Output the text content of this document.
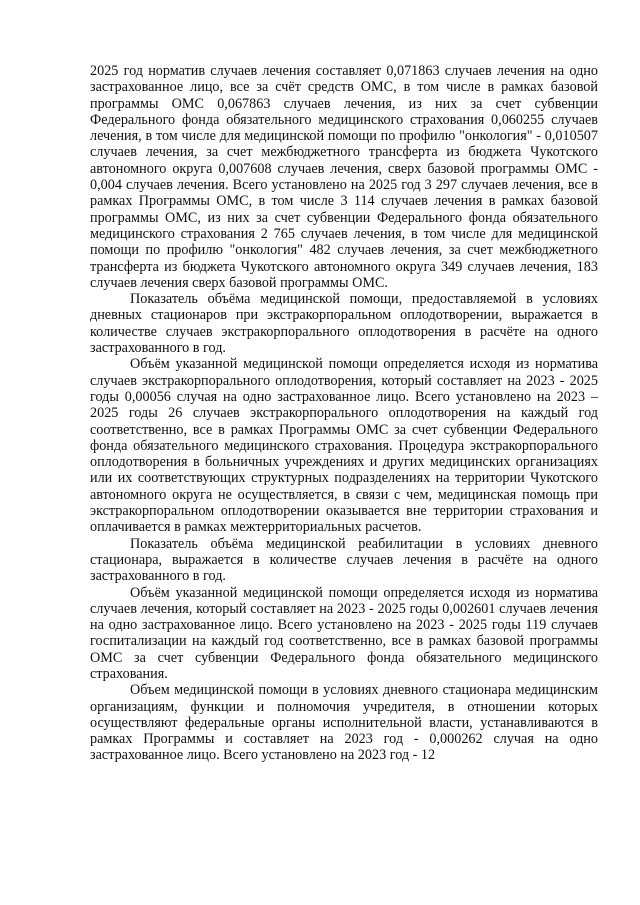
2025 год норматив случаев лечения составляет 0,071863 случаев лечения на одно застрахованное лицо, все за счёт средств ОМС, в том числе в рамках базовой программы ОМС 0,067863 случаев лечения, из них за счет субвенции Федерального фонда обязательного медицинского страхования 0,060255 случаев лечения, в том числе для медицинской помощи по профилю "онкология" - 0,010507 случаев лечения, за счет межбюджетного трансферта из бюджета Чукотского автономного округа 0,007608 случаев лечения, сверх базовой программы ОМС - 0,004 случаев лечения. Всего установлено на 2025 год 3 297 случаев лечения, все в рамках Программы ОМС, в том числе 3 114 случаев лечения в рамках базовой программы ОМС, из них за счет субвенции Федерального фонда обязательного медицинского страхования 2 765 случаев лечения, в том числе для медицинской помощи по профилю "онкология" 482 случаев лечения, за счет межбюджетного трансферта из бюджета Чукотского автономного округа 349 случаев лечения, 183 случаев лечения сверх базовой программы ОМС.

Показатель объёма медицинской помощи, предоставляемой в условиях дневных стационаров при экстракорпоральном оплодотворении, выражается в количестве случаев экстракорпорального оплодотворения в расчёте на одного застрахованного в год.

Объём указанной медицинской помощи определяется исходя из норматива случаев экстракорпорального оплодотворения, который составляет на 2023 - 2025 годы 0,00056 случая на одно застрахованное лицо. Всего установлено на 2023 – 2025 годы 26 случаев экстракорпорального оплодотворения на каждый год соответственно, все в рамках Программы ОМС за счет субвенции Федерального фонда обязательного медицинского страхования. Процедура экстракорпорального оплодотворения в больничных учреждениях и других медицинских организациях или их соответствующих структурных подразделениях на территории Чукотского автономного округа не осуществляется, в связи с чем, медицинская помощь при экстракорпоральном оплодотворении оказывается вне территории страхования и оплачивается в рамках межтерриториальных расчетов.

Показатель объёма медицинской реабилитации в условиях дневного стационара, выражается в количестве случаев лечения в расчёте на одного застрахованного в год.

Объём указанной медицинской помощи определяется исходя из норматива случаев лечения, который составляет на 2023 - 2025 годы 0,002601 случаев лечения на одно застрахованное лицо. Всего установлено на 2023 - 2025 годы 119 случаев госпитализации на каждый год соответственно, все в рамках базовой программы ОМС за счет субвенции Федерального фонда обязательного медицинского страхования.

Объем медицинской помощи в условиях дневного стационара медицинским организациям, функции и полномочия учредителя, в отношении которых осуществляют федеральные органы исполнительной власти, устанавливаются в рамках Программы и составляет на 2023 год - 0,000262 случая на одно застрахованное лицо. Всего установлено на 2023 год - 12
